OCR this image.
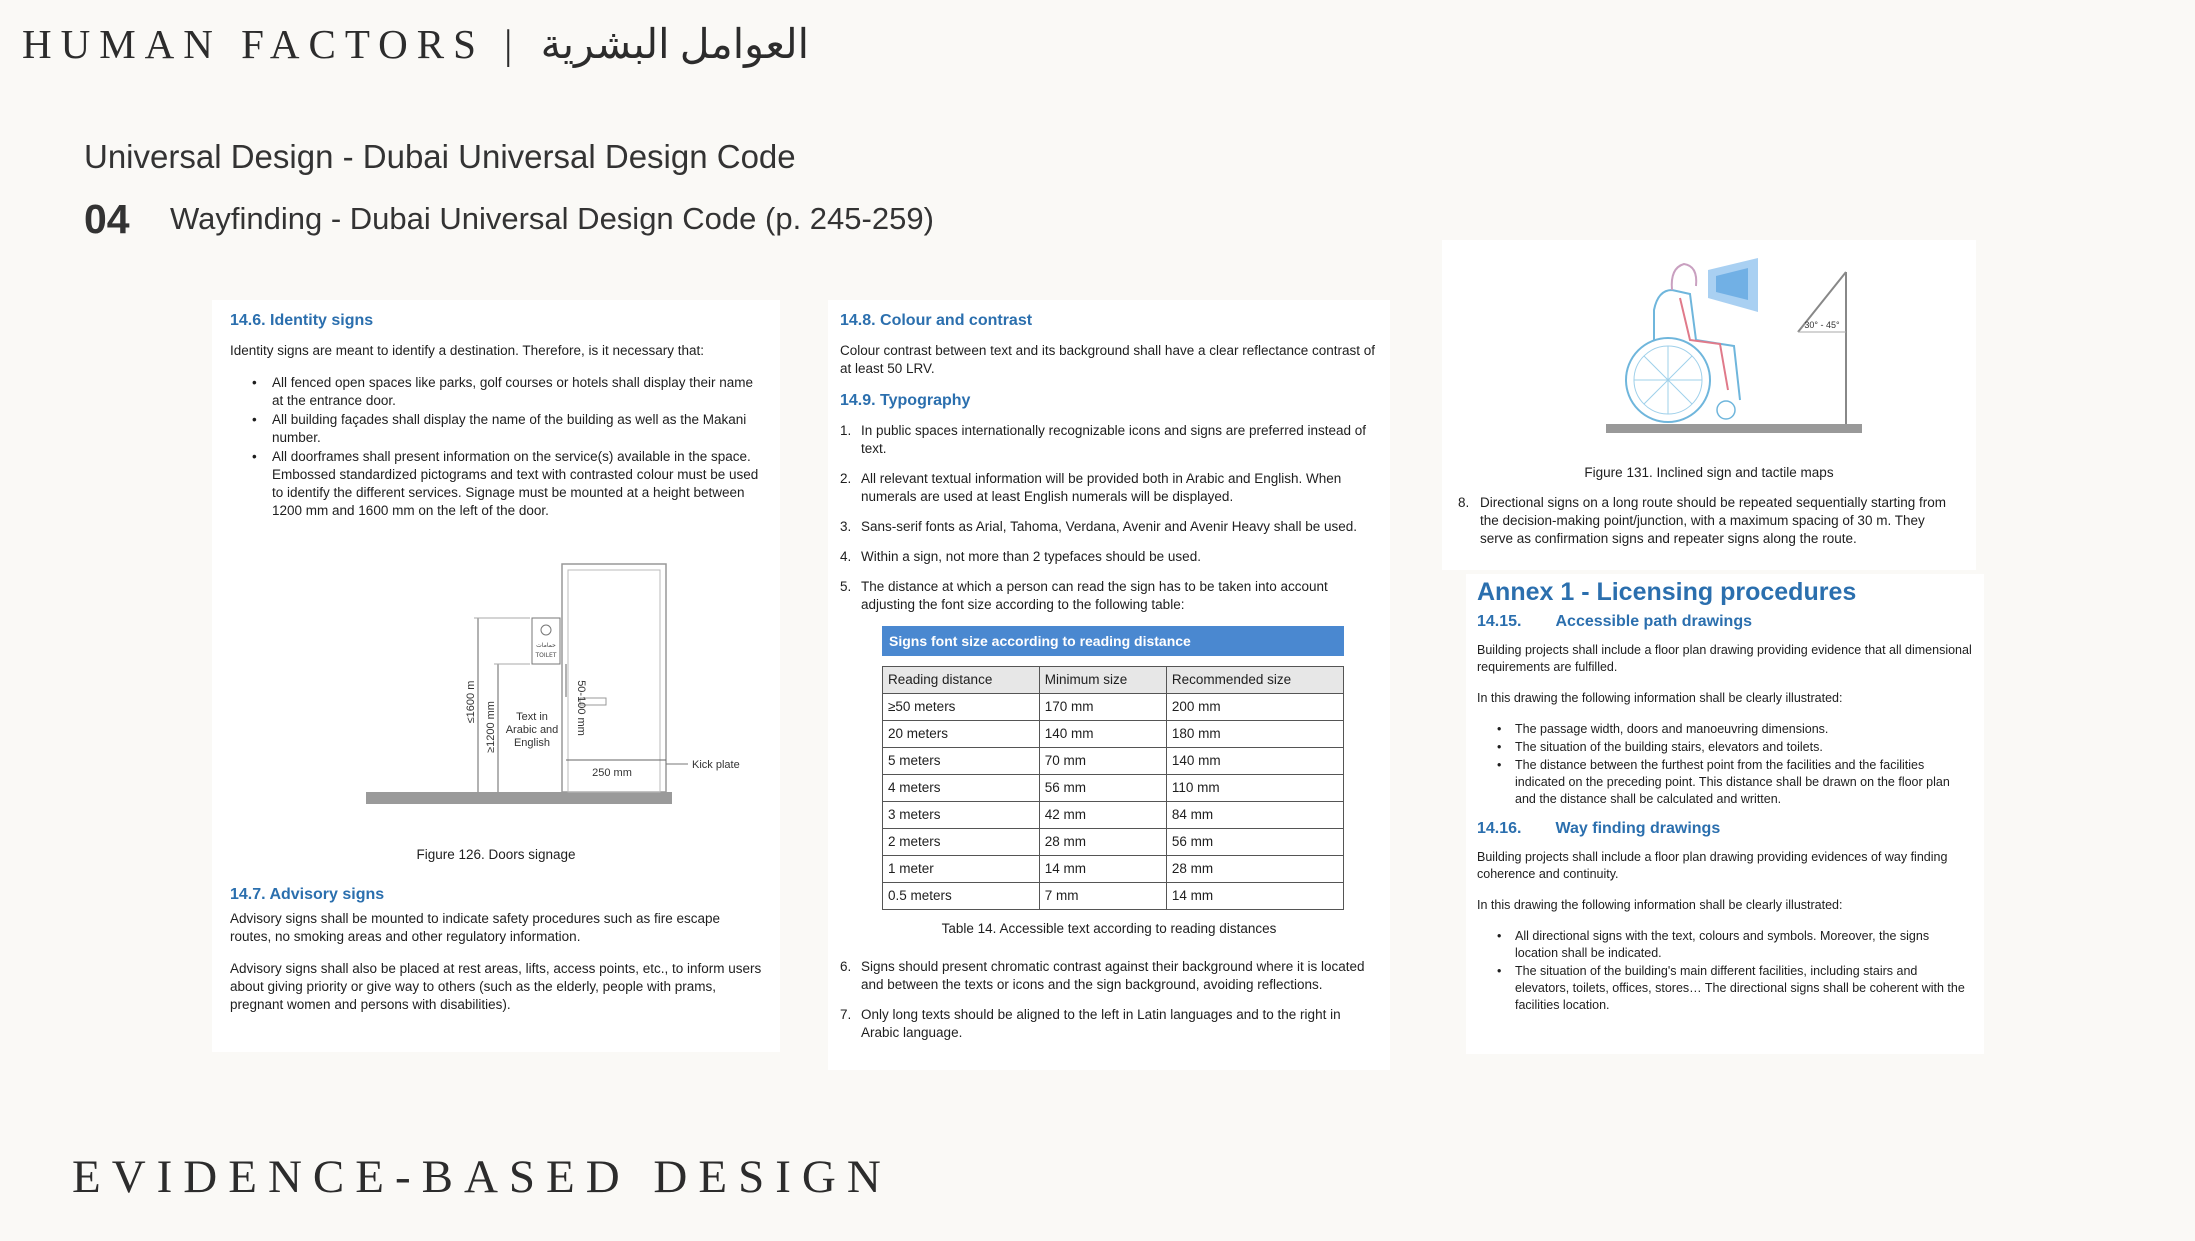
HUMAN FACTORS | العوامل البشرية
Universal Design - Dubai Universal Design Code
04 Wayfinding - Dubai Universal Design Code (p. 245-259)
14.6. Identity signs
Identity signs are meant to identify a destination. Therefore, is it necessary that:
• All fenced open spaces like parks, golf courses or hotels shall display their name at the entrance door.
• All building façades shall display the name of the building as well as the Makani number.
• All doorframes shall present information on the service(s) available in the space. Embossed standardized pictograms and text with contrasted colour must be used to identify the different services. Signage must be mounted at a height between 1200 mm and 1600 mm on the left of the door.
حمامات
TOILET
≤1600 m ≥1200 mm	50-100 mm
Text in
Arabic and
English
250 mm
Kick plate
Figure 126. Doors signage
14.7. Advisory signs
Advisory signs shall be mounted to indicate safety procedures such as fire escape routes, no smoking areas and other regulatory information.
Advisory signs shall also be placed at rest areas, lifts, access points, etc., to inform users about giving priority or give way to others (such as the elderly, people with prams, pregnant women and persons with disabilities).
14.8. Colour and contrast
Colour contrast between text and its background shall have a clear reflectance contrast of at least 50 LRV.
14.9. Typography
1. In public spaces internationally recognizable icons and signs are preferred instead of text.
2. All relevant textual information will be provided both in Arabic and English. When numerals are used at least English numerals will be displayed.
3. Sans-serif fonts as Arial, Tahoma, Verdana, Avenir and Avenir Heavy shall be used.
4. Within a sign, not more than 2 typefaces should be used.
5. The distance at which a person can read the sign has to be taken into account adjusting the font size according to the following table:
Signs font size according to reading distance
Reading distance	Minimum size	Recommended size
≥50 meters	170 mm	200 mm
20 meters	140 mm	180 mm
5 meters	70 mm	140 mm
4 meters	56 mm	110 mm
3 meters	42 mm	84 mm
2 meters	28 mm	56 mm
1 meter	14 mm	28 mm
0.5 meters	7 mm	14 mm
Table 14. Accessible text according to reading distances
6. Signs should present chromatic contrast against their background where it is located and between the texts or icons and the sign background, avoiding reflections.
7. Only long texts should be aligned to the left in Latin languages and to the right in Arabic language.
30° - 45°
Figure 131. Inclined sign and tactile maps
8. Directional signs on a long route should be repeated sequentially starting from the decision-making point/junction, with a maximum spacing of 30 m. They serve as confirmation signs and repeater signs along the route.
Annex 1 - Licensing procedures
14.15. Accessible path drawings
Building projects shall include a floor plan drawing providing evidence that all dimensional requirements are fulfilled.
In this drawing the following information shall be clearly illustrated:
• The passage width, doors and manoeuvring dimensions.
• The situation of the building stairs, elevators and toilets.
• The distance between the furthest point from the facilities and the facilities indicated on the preceding point. This distance shall be drawn on the floor plan and the distance shall be calculated and written.
14.16. Way finding drawings
Building projects shall include a floor plan drawing providing evidences of way finding coherence and continuity.
In this drawing the following information shall be clearly illustrated:
• All directional signs with the text, colours and symbols. Moreover, the signs location shall be indicated.
• The situation of the building's main different facilities, including stairs and elevators, toilets, offices, stores… The directional signs shall be coherent with the facilities location.
EVIDENCE-BASED DESIGN
